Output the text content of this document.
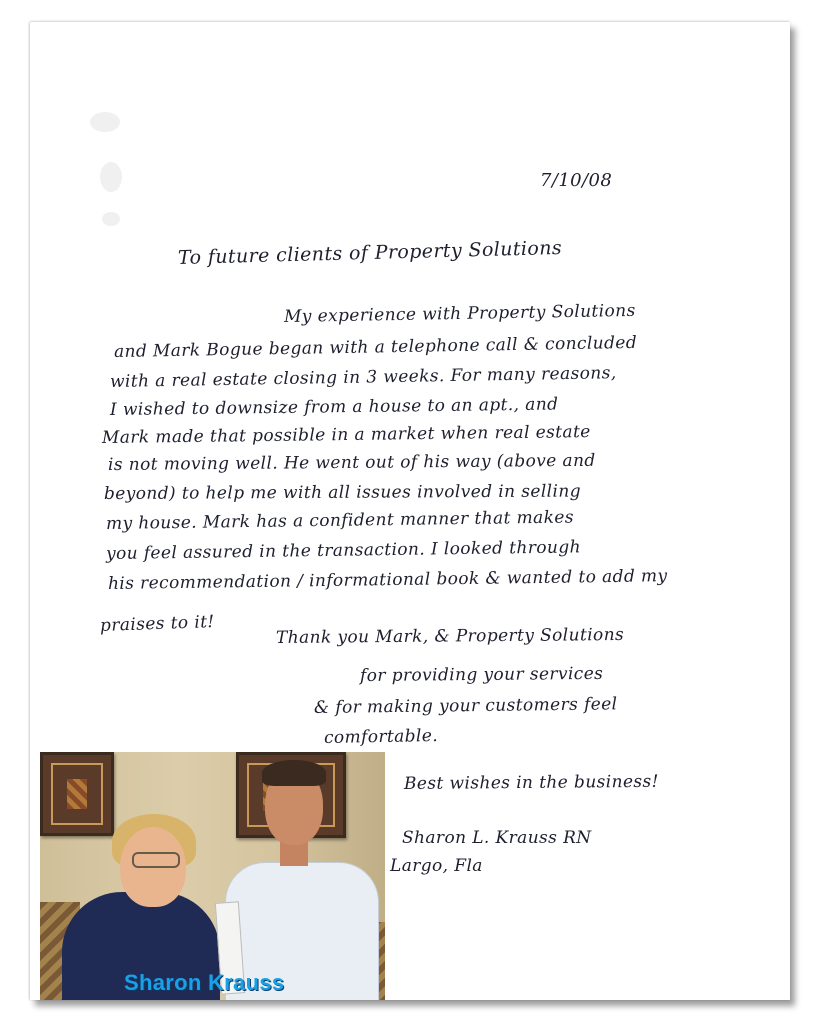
7/10/08
To future clients of Property Solutions
My experience with Property Solutions
and Mark Bogue began with a telephone call & concluded
with a real estate closing in 3 weeks. For many reasons,
I wished to downsize from a house to an apt., and
Mark made that possible in a market when real estate
is not moving well. He went out of his way (above and
beyond) to help me with all issues involved in selling
my house. Mark has a confident manner that makes
you feel assured in the transaction. I looked through
his recommendation / informational book & wanted to add my
praises to it!
Thank you Mark, & Property Solutions
for providing your services
& for making your customers feel
comfortable.
Best wishes in the business!
Sharon L. Krauss RN
Largo, Fla
Sharon Krauss
